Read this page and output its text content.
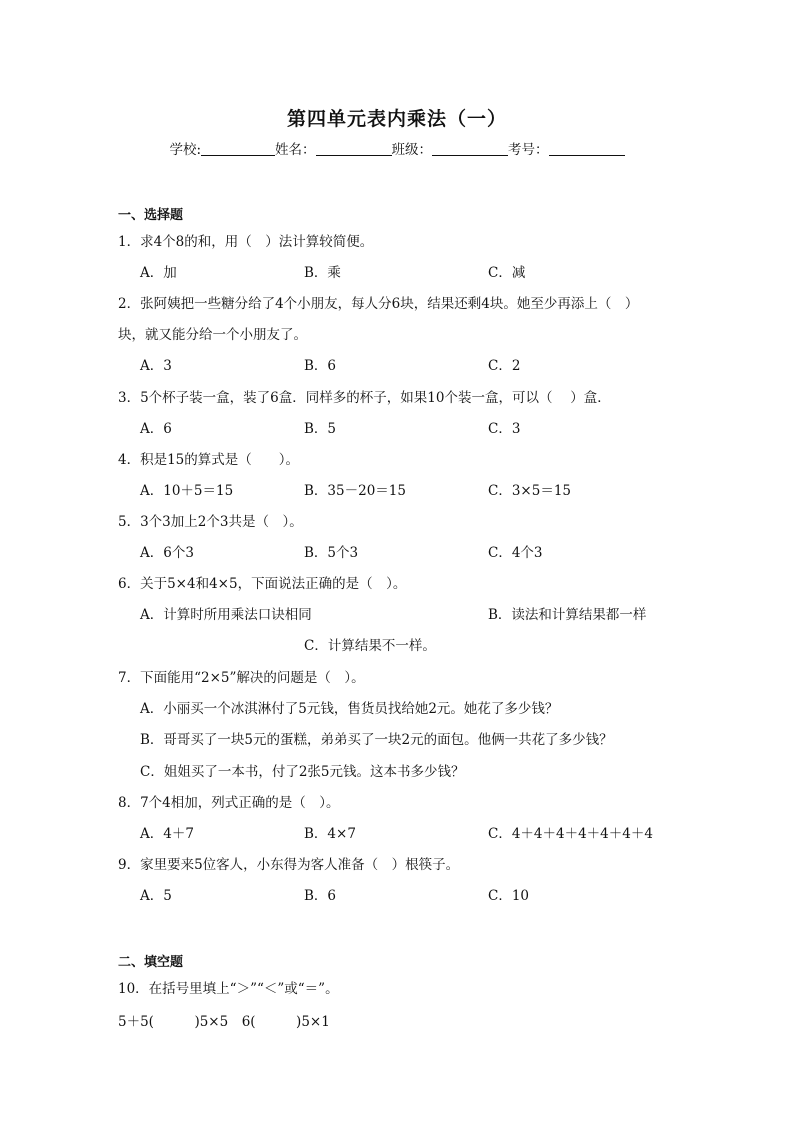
第四单元表内乘法（一）
学校:	姓名：	班级：	考号：
一、选择题
1．求4个8的和，用（　）法计算较简便。
A．加	B．乘	C．减
2．张阿姨把一些糖分给了4个小朋友，每人分6块，结果还剩4块。她至少再添上（　）
块，就又能分给一个小朋友了。
A．3	B．6	C．2
3．5个杯子装一盒，装了6盒．同样多的杯子，如果10个装一盒，可以（　 ）盒．
A．6	B．5	C．3
4．积是15的算式是（　　）。
A．10＋5＝15	B．35－20＝15	C．3×5＝15
5．3个3加上2个3共是（　）。
A．6个3	B．5个3	C．4个3
6．关于5×4和4×5，下面说法正确的是（　）。
A．计算时所用乘法口诀相同	B．读法和计算结果都一样
C．计算结果不一样。
7．下面能用“2×5”解决的问题是（　）。
A．小丽买一个冰淇淋付了5元钱，售货员找给她2元。她花了多少钱？
B．哥哥买了一块5元的蛋糕，弟弟买了一块2元的面包。他俩一共花了多少钱？
C．姐姐买了一本书，付了2张5元钱。这本书多少钱？
8．7个4相加，列式正确的是（　）。
A．4＋7	B．4×7	C．4＋4＋4＋4＋4＋4＋4
9．家里要来5位客人，小东得为客人准备（　）根筷子。
A．5	B．6	C．10
二、填空题
10．在括号里填上“＞”“＜”或“＝”。
5＋5(　　　)5×5　6(　　　)5×1
